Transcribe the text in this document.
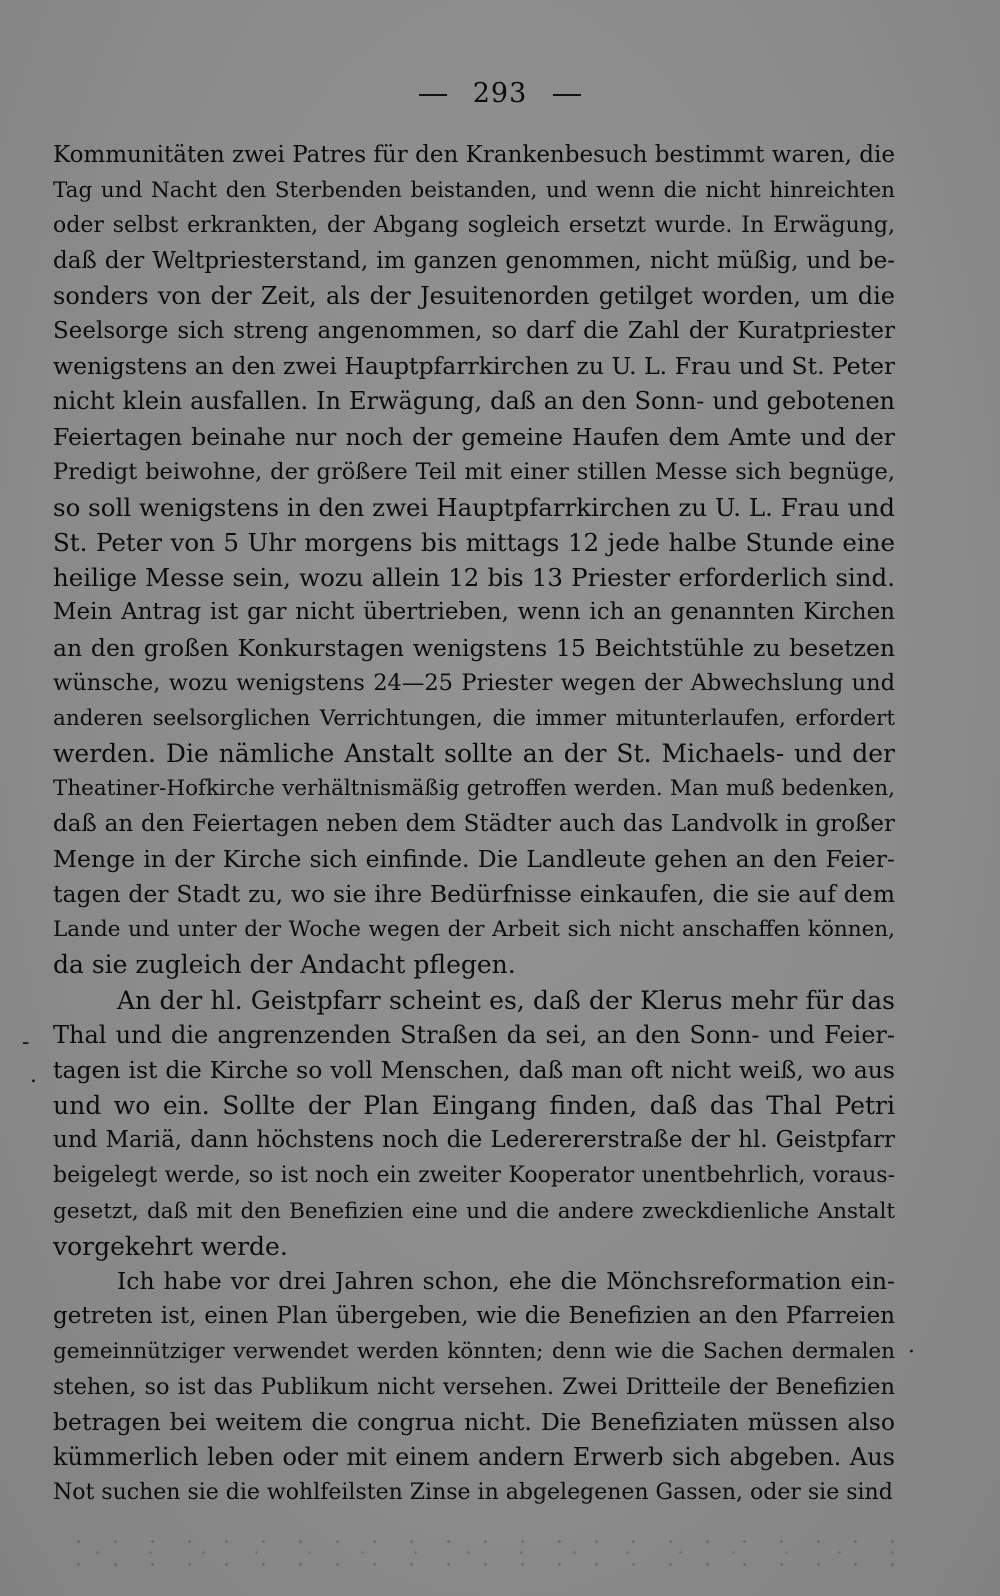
293
Kommunitäten zwei Patres für den Krankenbesuch bestimmt waren, die
Tag und Nacht den Sterbenden beistanden, und wenn die nicht hinreichten
oder selbst erkrankten, der Abgang sogleich ersetzt wurde. In Erwägung,
daß der Weltpriesterstand, im ganzen genommen, nicht müßig, und be-
sonders von der Zeit, als der Jesuitenorden getilget worden, um die
Seelsorge sich streng angenommen, so darf die Zahl der Kuratpriester
wenigstens an den zwei Hauptpfarrkirchen zu U. L. Frau und St. Peter
nicht klein ausfallen. In Erwägung, daß an den Sonn- und gebotenen
Feiertagen beinahe nur noch der gemeine Haufen dem Amte und der
Predigt beiwohne, der größere Teil mit einer stillen Messe sich begnüge,
so soll wenigstens in den zwei Hauptpfarrkirchen zu U. L. Frau und
St. Peter von 5 Uhr morgens bis mittags 12 jede halbe Stunde eine
heilige Messe sein, wozu allein 12 bis 13 Priester erforderlich sind.
Mein Antrag ist gar nicht übertrieben, wenn ich an genannten Kirchen
an den großen Konkurstagen wenigstens 15 Beichtstühle zu besetzen
wünsche, wozu wenigstens 24—25 Priester wegen der Abwechslung und
anderen seelsorglichen Verrichtungen, die immer mitunterlaufen, erfordert
werden. Die nämliche Anstalt sollte an der St. Michaels- und der
Theatiner-Hofkirche verhältnismäßig getroffen werden. Man muß bedenken,
daß an den Feiertagen neben dem Städter auch das Landvolk in großer
Menge in der Kirche sich einfinde. Die Landleute gehen an den Feier-
tagen der Stadt zu, wo sie ihre Bedürfnisse einkaufen, die sie auf dem
Lande und unter der Woche wegen der Arbeit sich nicht anschaffen können,
da sie zugleich der Andacht pflegen.
An der hl. Geistpfarr scheint es, daß der Klerus mehr für das
Thal und die angrenzenden Straßen da sei, an den Sonn- und Feier-
tagen ist die Kirche so voll Menschen, daß man oft nicht weiß, wo aus
und wo ein. Sollte der Plan Eingang finden, daß das Thal Petri
und Mariä, dann höchstens noch die Lederererstraße der hl. Geistpfarr
beigelegt werde, so ist noch ein zweiter Kooperator unentbehrlich, voraus-
gesetzt, daß mit den Benefizien eine und die andere zweckdienliche Anstalt
vorgekehrt werde.
Ich habe vor drei Jahren schon, ehe die Mönchsreformation ein-
getreten ist, einen Plan übergeben, wie die Benefizien an den Pfarreien
gemeinnütziger verwendet werden könnten; denn wie die Sachen dermalen
stehen, so ist das Publikum nicht versehen. Zwei Dritteile der Benefizien
betragen bei weitem die congrua nicht. Die Benefiziaten müssen also
kümmerlich leben oder mit einem andern Erwerb sich abgeben. Aus
Not suchen sie die wohlfeilsten Zinse in abgelegenen Gassen, oder sie sind
-
.
·
